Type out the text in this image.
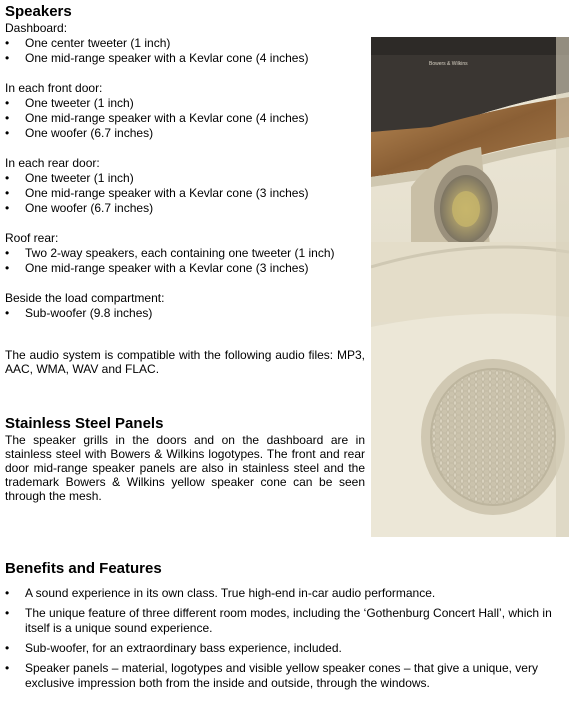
Speakers

Dashboard:

• One center tweeter (1 inch)
• One mid-range speaker with a Kevlar cone (4 inches)

In each front door:

• One tweeter (1 inch)
• One mid-range speaker with a Kevlar cone (4 inches)
• One woofer (6.7 inches)

In each rear door:

• One tweeter (1 inch)
• One mid-range speaker with a Kevlar cone (3 inches)
• One woofer (6.7 inches)

Roof rear:

• Two 2-way speakers, each containing one tweeter (1 inch)
• One mid-range speaker with a Kevlar cone (3 inches)

Beside the load compartment:

• Sub-woofer (9.8 inches)

The audio system is compatible with the following audio files: MP3, AAC, WMA, WAV and FLAC.

Stainless Steel Panels

The speaker grills in the doors and on the dashboard are in stainless steel with Bowers & Wilkins logotypes. The front and rear door mid-range speaker panels are also in stainless steel and the trademark Bowers & Wilkins yellow speaker cone can be seen through the mesh.

Bowers & Wilkins
Benefits and Features
• A sound experience in its own class. True high-end in-car audio performance.
• The unique feature of three different room modes, including the ‘Gothenburg Concert Hall’, which in itself is a unique sound experience.
• Sub-woofer, for an extraordinary bass experience, included.
• Speaker panels – material, logotypes and visible yellow speaker cones – that give a unique, very exclusive impression both from the inside and outside, through the windows.
